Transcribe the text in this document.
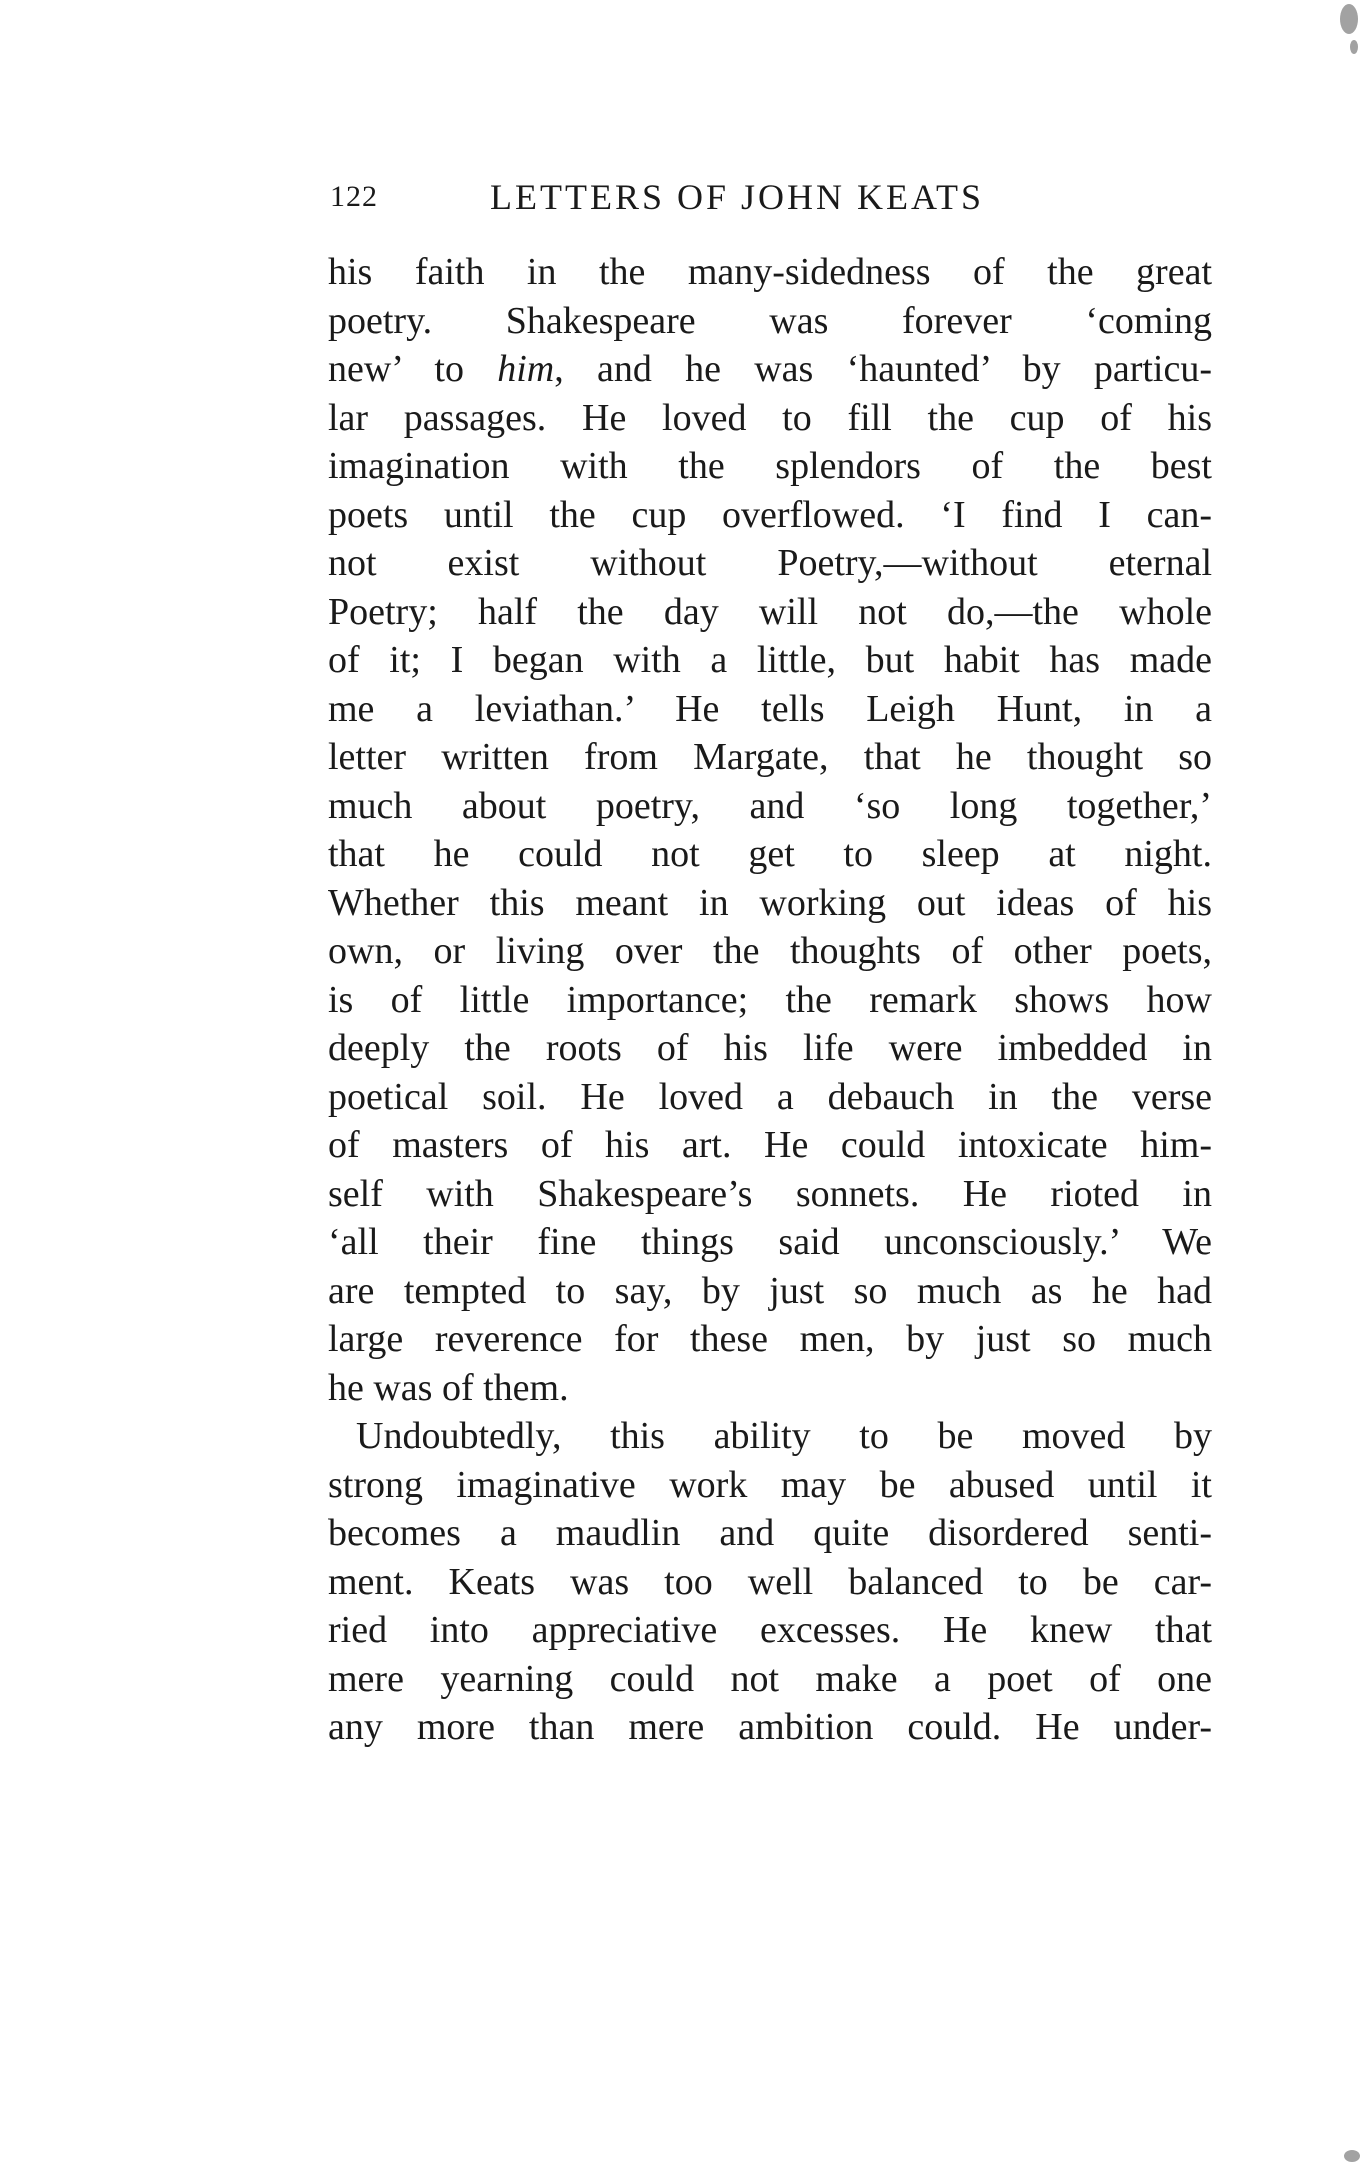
122	LETTERS OF JOHN KEATS
his faith in the many-sidedness of the great
poetry. Shakespeare was forever ‘coming
new’ to him, and he was ‘haunted’ by particu-
lar passages. He loved to fill the cup of his
imagination with the splendors of the best
poets until the cup overflowed. ‘I find I can-
not exist without Poetry,—without eternal
Poetry; half the day will not do,—the whole
of it; I began with a little, but habit has made
me a leviathan.’ He tells Leigh Hunt, in a
letter written from Margate, that he thought so
much about poetry, and ‘so long together,’
that he could not get to sleep at night.
Whether this meant in working out ideas of his
own, or living over the thoughts of other poets,
is of little importance; the remark shows how
deeply the roots of his life were imbedded in
poetical soil. He loved a debauch in the verse
of masters of his art. He could intoxicate him-
self with Shakespeare’s sonnets. He rioted in
‘all their fine things said unconsciously.’ We
are tempted to say, by just so much as he had
large reverence for these men, by just so much
he was of them.
Undoubtedly, this ability to be moved by
strong imaginative work may be abused until it
becomes a maudlin and quite disordered senti-
ment. Keats was too well balanced to be car-
ried into appreciative excesses. He knew that
mere yearning could not make a poet of one
any more than mere ambition could. He under-
